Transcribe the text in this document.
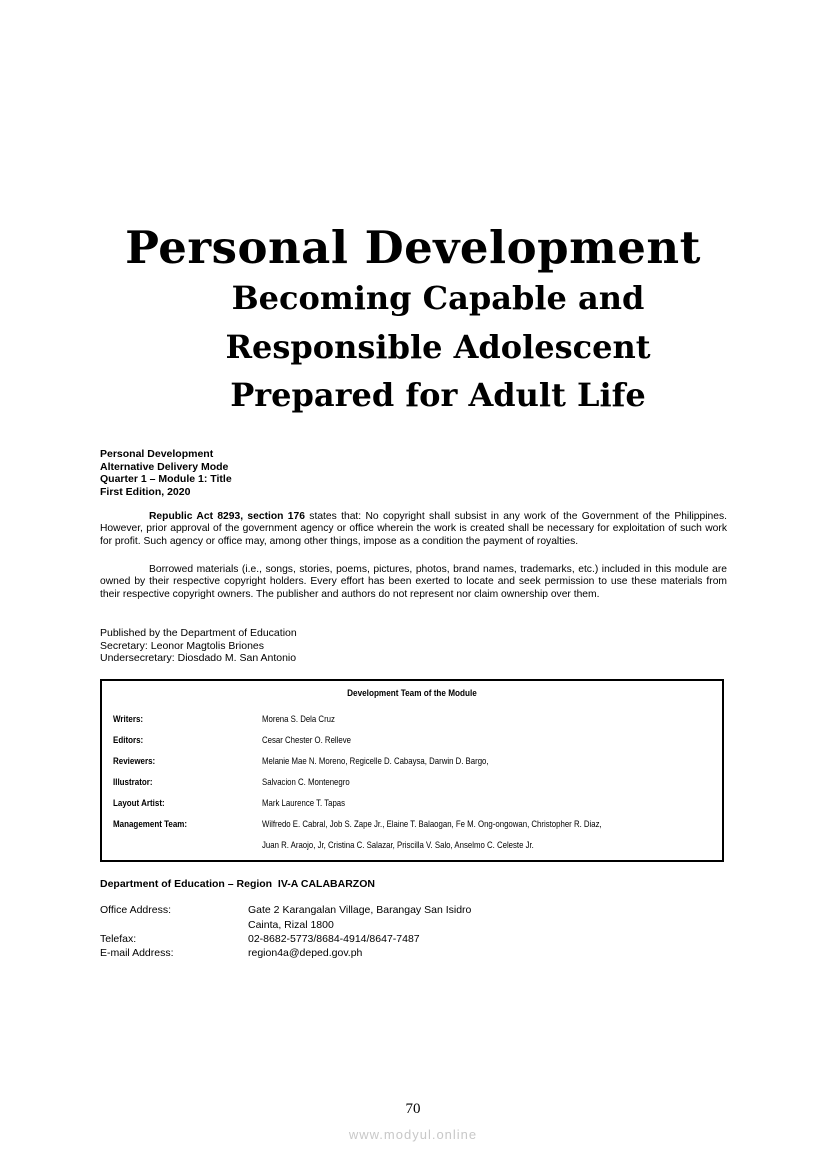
Personal Development
Becoming Capable and
Responsible Adolescent
Prepared for Adult Life
Personal Development
Alternative Delivery Mode
Quarter 1 – Module 1: Title
First Edition, 2020

Republic Act 8293, section 176 states that: No copyright shall subsist in any work of the Government of the Philippines. However, prior approval of the government agency or office wherein the work is created shall be necessary for exploitation of such work for profit. Such agency or office may, among other things, impose as a condition the payment of royalties.

Borrowed materials (i.e., songs, stories, poems, pictures, photos, brand names, trademarks, etc.) included in this module are owned by their respective copyright holders. Every effort has been exerted to locate and seek permission to use these materials from their respective copyright owners. The publisher and authors do not represent nor claim ownership over them.

Published by the Department of Education
Secretary: Leonor Magtolis Briones
Undersecretary: Diosdado M. San Antonio
Development Team of the Module
Writers:	Morena S. Dela Cruz
Editors:	Cesar Chester O. Relleve
Reviewers:	Melanie Mae N. Moreno, Regicelle D. Cabaysa, Darwin D. Bargo,
Illustrator:	Salvacion C. Montenegro
Layout Artist:	Mark Laurence T. Tapas
Management Team:	Wilfredo E. Cabral, Job S. Zape Jr., Elaine T. Balaogan, Fe M. Ong-ongowan, Christopher R. Diaz,
Juan R. Araojo, Jr, Cristina C. Salazar, Priscilla V. Salo, Anselmo C. Celeste Jr.
Department of Education – Region  IV-A CALABARZON
Office Address:	Gate 2 Karangalan Village, Barangay San Isidro
Cainta, Rizal 1800
Telefax:	02-8682-5773/8684-4914/8647-7487
E-mail Address:	region4a@deped.gov.ph
70
www.modyul.online
